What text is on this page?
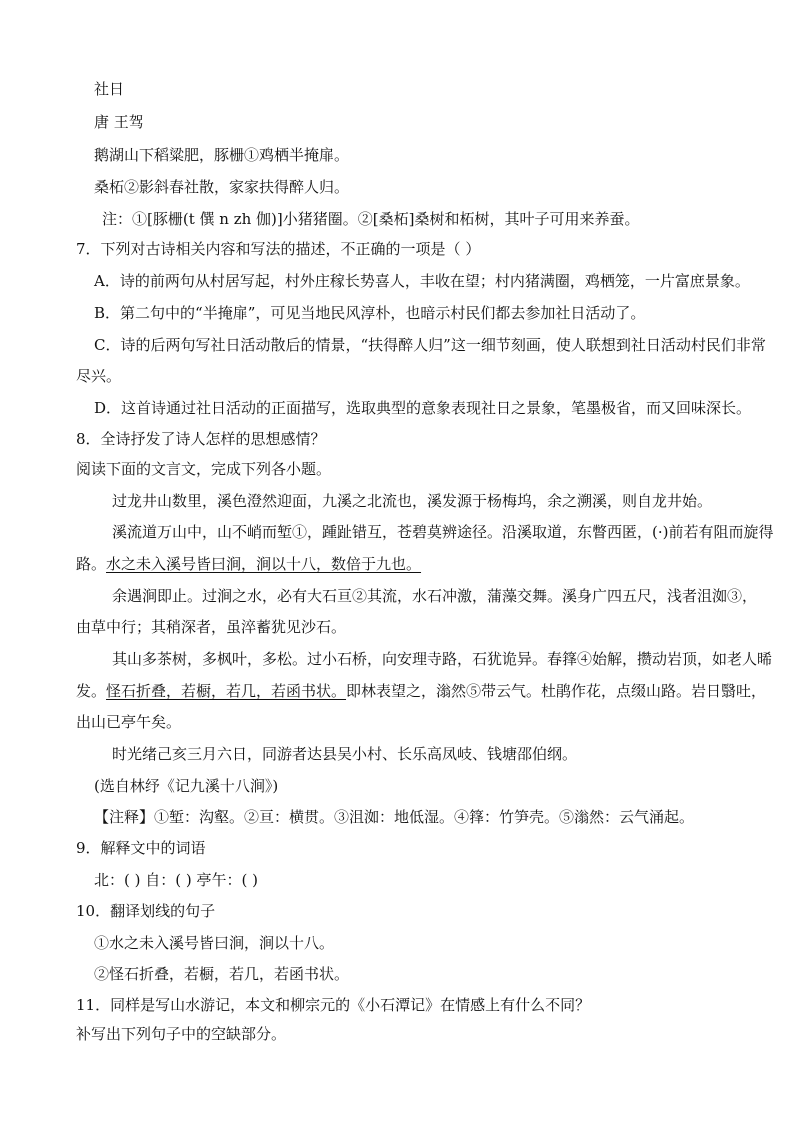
社日
唐 王驾
鹅湖山下稻粱肥，豚栅①鸡栖半掩扉。
桑柘②影斜春社散，家家扶得醉人归。
注：①[豚栅(t 僎 n zh 伽)]小猪猪圈。②[桑柘]桑树和柘树，其叶子可用来养蚕。
7．下列对古诗相关内容和写法的描述，不正确的一项是（ ）
A．诗的前两句从村居写起，村外庄稼长势喜人，丰收在望；村内猪满圈，鸡栖笼，一片富庶景象。
B．第二句中的“半掩扉”，可见当地民风淳朴，也暗示村民们都去参加社日活动了。
C．诗的后两句写社日活动散后的情景，“扶得醉人归”这一细节刻画，使人联想到社日活动村民们非常
尽兴。
D．这首诗通过社日活动的正面描写，选取典型的意象表现社日之景象，笔墨极省，而又回味深长。
8．全诗抒发了诗人怎样的思想感情？
阅读下面的文言文，完成下列各小题。
过龙井山数里，溪色澄然迎面，九溪之北流也，溪发源于杨梅坞，余之溯溪，则自龙井始。
溪流道万山中，山不峭而堑①，踵趾错互，苍碧莫辨途径。沿溪取道，东瞥西匿，(·)前若有阻而旋得
路。水之未入溪号皆曰涧，涧以十八，数倍于九也。
余遇涧即止。过涧之水，必有大石亘②其流，水石冲激，蒲藻交舞。溪身广四五尺，浅者沮洳③，
由草中行；其稍深者，虽淬蓄犹见沙石。
其山多茶树，多枫叶，多松。过小石桥，向安理寺路，石犹诡异。春箨④始解，攒动岩顶，如老人晞
发。怪石折叠，若橱，若几，若函书状。即林表望之，滃然⑤带云气。杜鹃作花，点缀山路。岩日翳吐，
出山已亭午矣。
时光绪己亥三月六日，同游者达县吴小村、长乐高凤岐、钱塘邵伯纲。
(选自林纾《记九溪十八涧》)
【注释】①堑：沟壑。②亘：横贯。③沮洳：地低湿。④箨：竹笋壳。⑤滃然：云气涌起。
9．解释文中的词语
北：( ) 自：( ) 亭午：( )
10．翻译划线的句子
①水之未入溪号皆曰涧，涧以十八。
②怪石折叠，若橱，若几，若函书状。
11．同样是写山水游记，本文和柳宗元的《小石潭记》在情感上有什么不同？
补写出下列句子中的空缺部分。
